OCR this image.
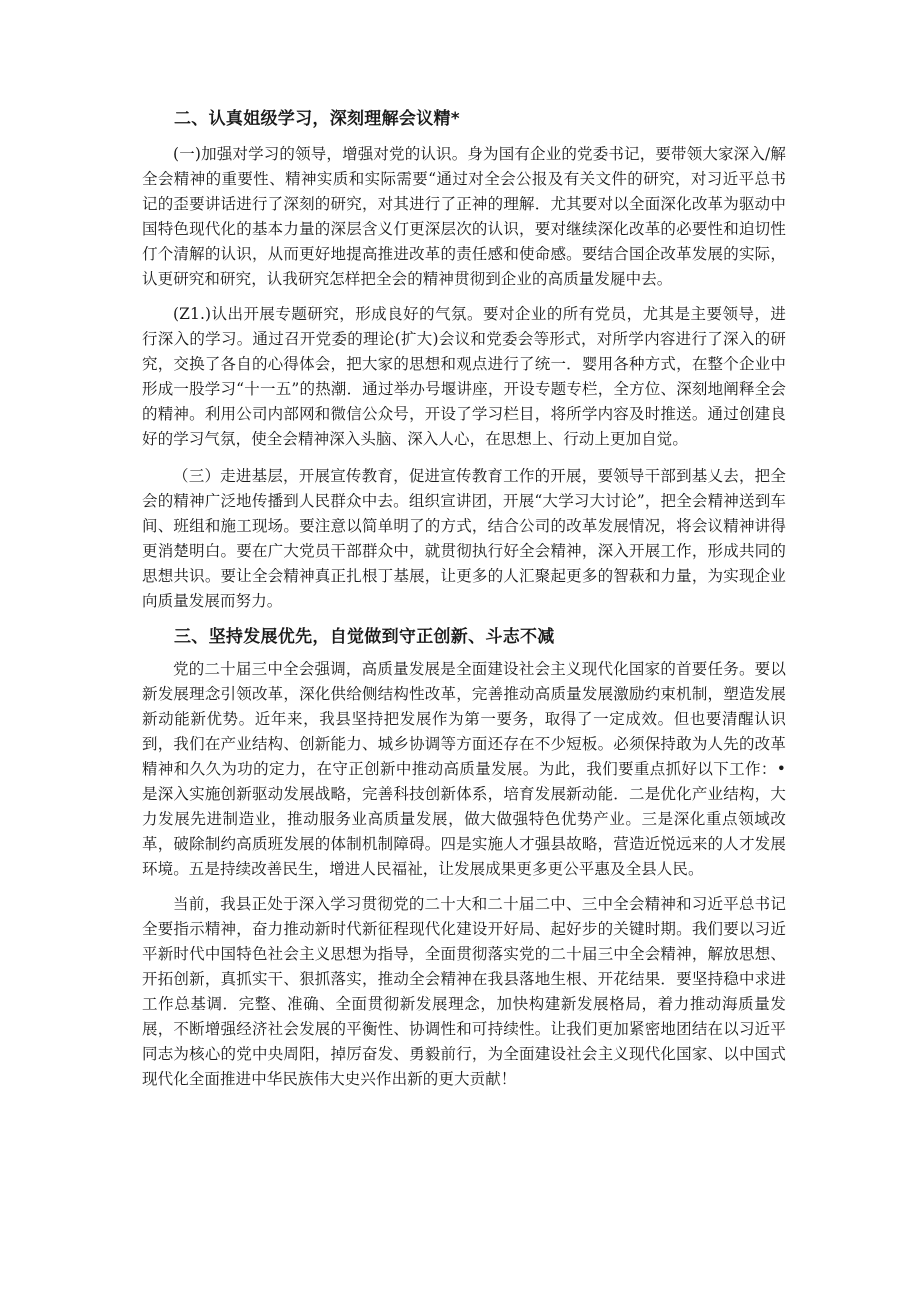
二、认真姐级学习，深刻理解会议精*

(一)加强对学习的领导，增强对党的认识。身为国有企业的党委书记，要带领大家深入/解全会精神的重要性、精神实质和实际需要“通过对全会公报及有关文件的研究，对习近平总书记的歪要讲话进行了深刻的研究，对其进行了正神的理解．尤其要对以全面深化改革为驱动中国特色现代化的基本力量的深层含义仃更深层次的认识，要对继续深化改革的必要性和迫切性仃个清解的认识，从而更好地提高推进改革的责任感和使命感。要结合国企改革发展的实际，认更研究和研究，认我研究怎样把全会的精神贯彻到企业的高质量发屣中去。

(Z1.)认出开展专题研究，形成良好的气氛。要对企业的所有党员，尤其是主要领导，进行深入的学习。通过召开党委的理论(扩大)会议和党委会等形式，对所学内容进行了深入的研究，交换了各自的心得体会，把大家的思想和观点进行了统一．婴用各种方式，在整个企业中形成一股学习“十一五”的热潮．通过举办号堰讲座，开设专题专栏，全方位、深刻地阐释全会的精神。利用公司内部网和微信公众号，开设了学习栏目，将所学内容及时推送。通过创建良好的学习气氛，使全会精神深入头脑、深入人心，在思想上、行动上更加自觉。

（三）走进基层，开展宣传教育，促进宣传教育工作的开展，要领导干部到基乂去，把全会的精神广泛地传播到人民群众中去。组织宣讲团，开展“大学习大讨论”，把全会精神送到车间、班组和施工现场。要注意以简单明了的方式，结合公司的改革发展情况，将会议精神讲得更消楚明白。要在广大党员干部群众中，就贯彻执行好全会精神，深入开展工作，形成共同的思想共识。要让全会精神真正扎根丁基展，让更多的人汇聚起更多的智萩和力量，为实现企业向质量发展而努力。

三、坚持发展优先，自觉做到守正创新、斗志不减

党的二十届三中全会强调，高质量发展是全面建设社会主义现代化国家的首要任务。要以新发展理念引领改革，深化供给侧结构性改革，完善推动高质量发展激励约束机制，塑造发展新动能新优势。近年来，我县坚持把发展作为第一要务，取得了一定成效。但也要清醒认识到，我们在产业结构、创新能力、城乡协调等方面还存在不少短板。必须保持敢为人先的改革精神和久久为功的定力，在守正创新中推动高质量发展。为此，我们要重点抓好以下工作：•是深入实施创新驱动发展战略，完善科技创新体系，培育发展新动能．二是优化产业结构，大力发展先进制造业，推动服务业高质量发展，做大做强特色优势产业。三是深化重点领域改革，破除制约高质班发展的体制机制障碍。四是实施人才强县故略，营造近悦远来的人才发展环境。五是持续改善民生，增进人民福祉，让发展成果更多更公平惠及全县人民。

当前，我县正处于深入学习贯彻党的二十大和二十届二中、三中全会精神和习近平总书记全要指示精神，奋力推动新时代新征程现代化建设开好局、起好步的关键时期。我们要以习近平新时代中国特色社会主义思想为指导，全面贯彻落实党的二十届三中全会精神，解放思想、开拓创新，真抓实干、狠抓落实，推动全会精神在我县落地生根、开花结果．要坚持稳中求进工作总基调．完整、准确、全面贯彻新发展理念，加快构建新发展格局，着力推动海质量发展，不断增强经济社会发展的平衡性、协调性和可持续性。让我们更加紧密地团结在以习近平同志为核心的党中央周阳，掉厉奋发、勇毅前行，为全面建设社会主义现代化国家、以中国式现代化全面推进中华民族伟大史兴作出新的更大贡献！
